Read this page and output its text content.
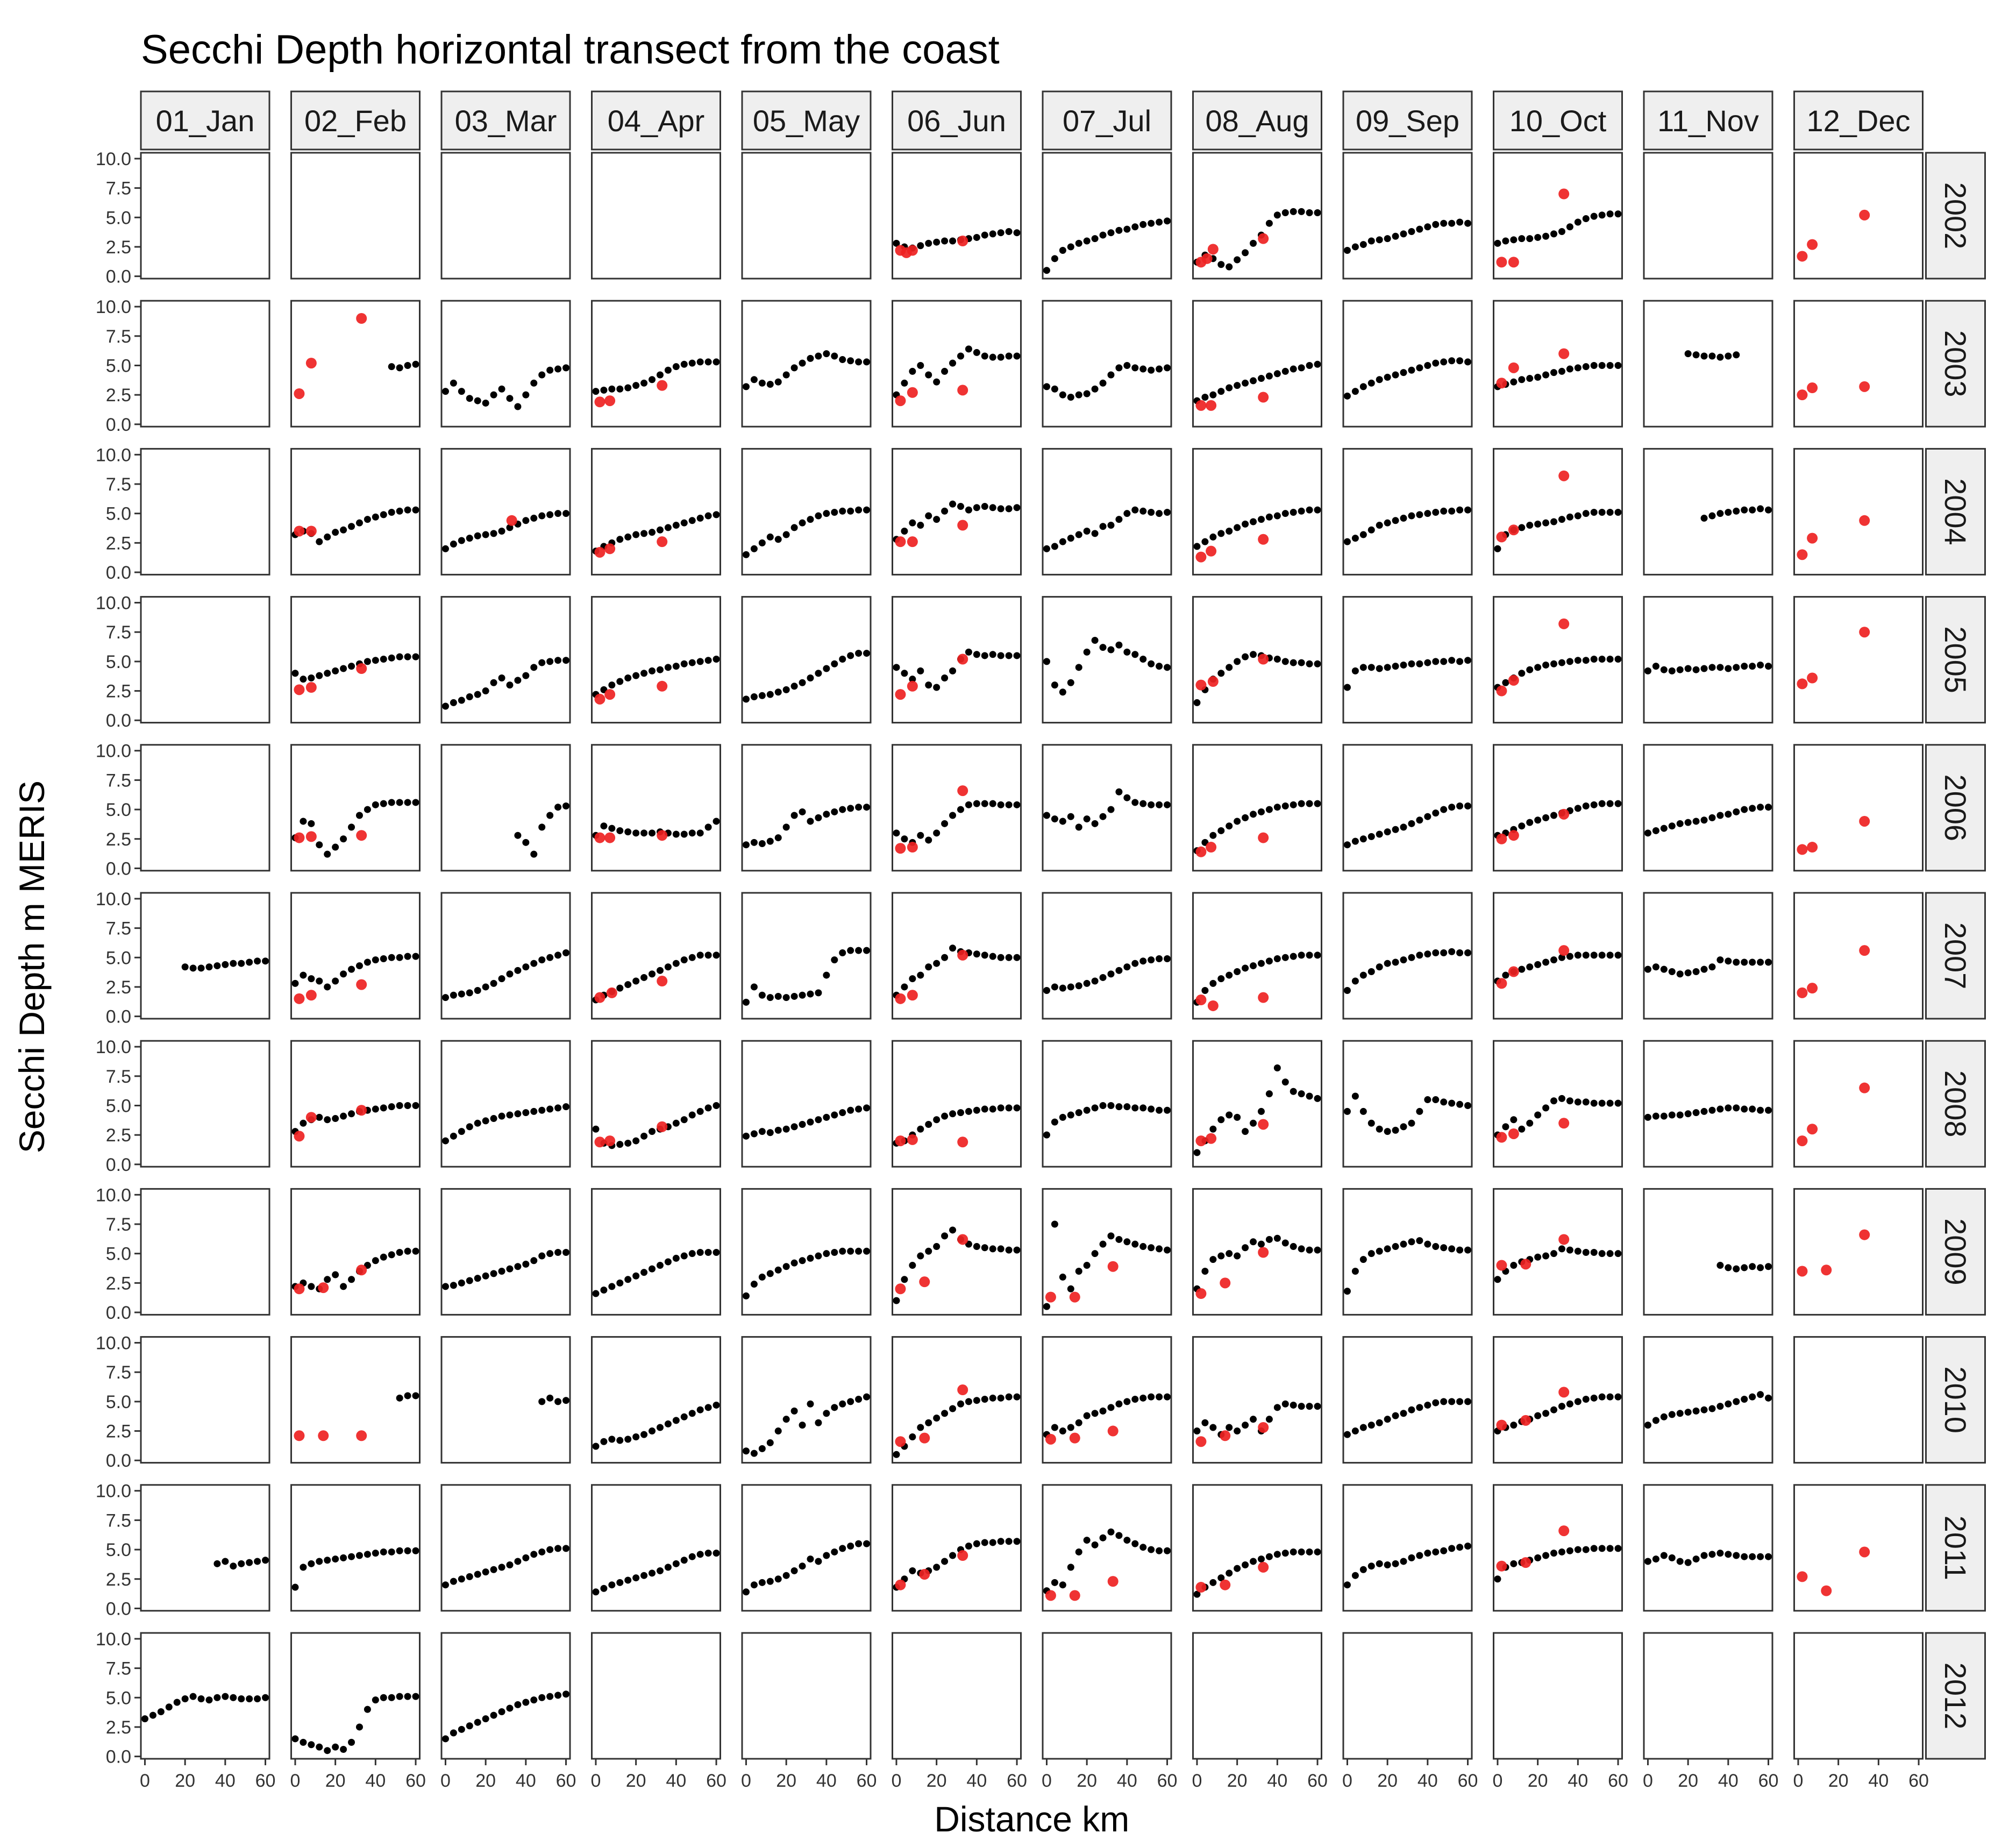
Secchi Depth horizontal transect from the coast
Secchi Depth m MERIS
Distance km
01_Jan 02_Feb 03_Mar 04_Apr 05_May 06_Jun 07_Jul 08_Aug 09_Sep 10_Oct 11_Nov 12_Dec
2002
0.0
2.5
5.0
7.5
10.0
2003
0.0
2.5
5.0
7.5
10.0
2004
0.0
2.5
5.0
7.5
10.0
2005
0.0
2.5
5.0
7.5
10.0
2006
0.0
2.5
5.0
7.5
10.0
2007
0.0
2.5
5.0
7.5
10.0
2008
0.0
2.5
5.0
7.5
10.0
2009
0.0
2.5
5.0
7.5
10.0
2010
0.0
2.5
5.0
7.5
10.0
2011
0.0
2.5
5.0
7.5
10.0
2012
0.0
2.5
5.0
7.5
10.0
0 20 40 60 0 20 40 60 0 20 40 60 0 20 40 60 0 20 40 60 0 20 40 60 0 20 40 60 0 20 40 60 0 20 40 60 0 20 40 60 0 20 40 60 0 20 40 60
